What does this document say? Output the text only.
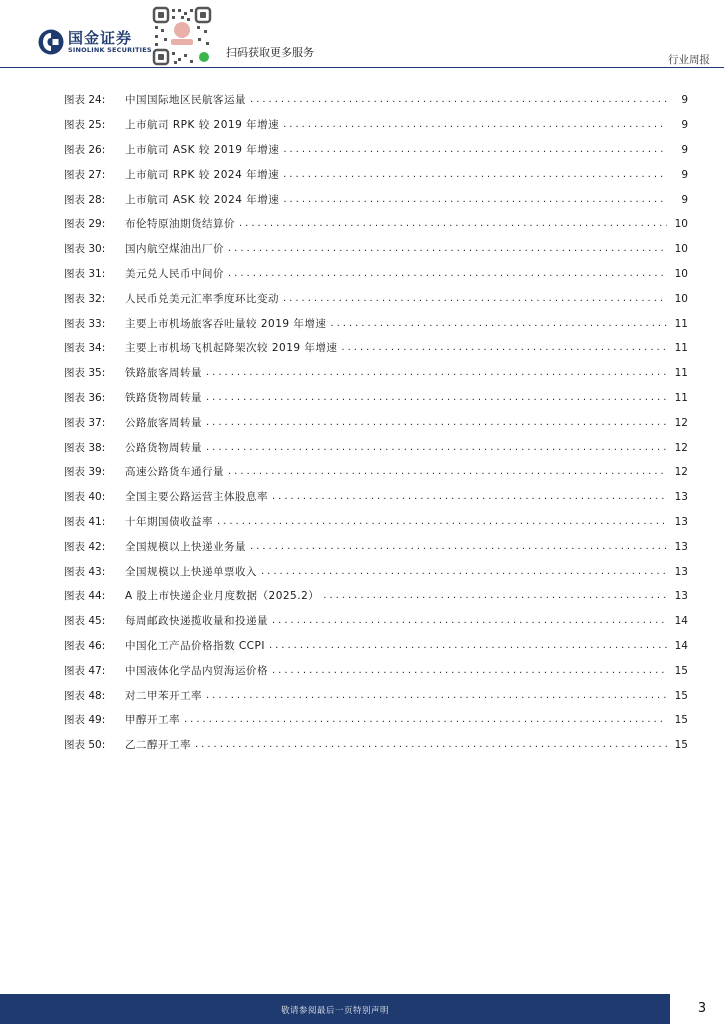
国金证券
SINOLINK SECURITIES	扫码获取更多服务
行业周报
图表 24:	中国国际地区民航客运量 .....	9
图表 25:	上市航司 RPK 较 2019 年增速 .....	9
图表 26:	上市航司 ASK 较 2019 年增速 .....	9
图表 27:	上市航司 RPK 较 2024 年增速 .....	9
图表 28:	上市航司 ASK 较 2024 年增速 .....	9
图表 29:	布伦特原油期货结算价 .....	10
图表 30:	国内航空煤油出厂价 .....	10
图表 31:	美元兑人民币中间价 .....	10
图表 32:	人民币兑美元汇率季度环比变动 .....	10
图表 33:	主要上市机场旅客吞吐量较 2019 年增速 .....	11
图表 34:	主要上市机场飞机起降架次较 2019 年增速 .....	11
图表 35:	铁路旅客周转量 .....	11
图表 36:	铁路货物周转量 .....	11
图表 37:	公路旅客周转量 .....	12
图表 38:	公路货物周转量 .....	12
图表 39:	高速公路货车通行量 .....	12
图表 40:	全国主要公路运营主体股息率 .....	13
图表 41:	十年期国债收益率 .....	13
图表 42:	全国规模以上快递业务量 .....	13
图表 43:	全国规模以上快递单票收入 .....	13
图表 44:	A 股上市快递企业月度数据（2025.2） .....	13
图表 45:	每周邮政快递揽收量和投递量 .....	14
图表 46:	中国化工产品价格指数 CCPI .....	14
图表 47:	中国液体化学品内贸海运价格 .....	15
图表 48:	对二甲苯开工率 .....	15
图表 49:	甲醇开工率 .....	15
图表 50:	乙二醇开工率 .....	15
敬请参阅最后一页特别声明	3
